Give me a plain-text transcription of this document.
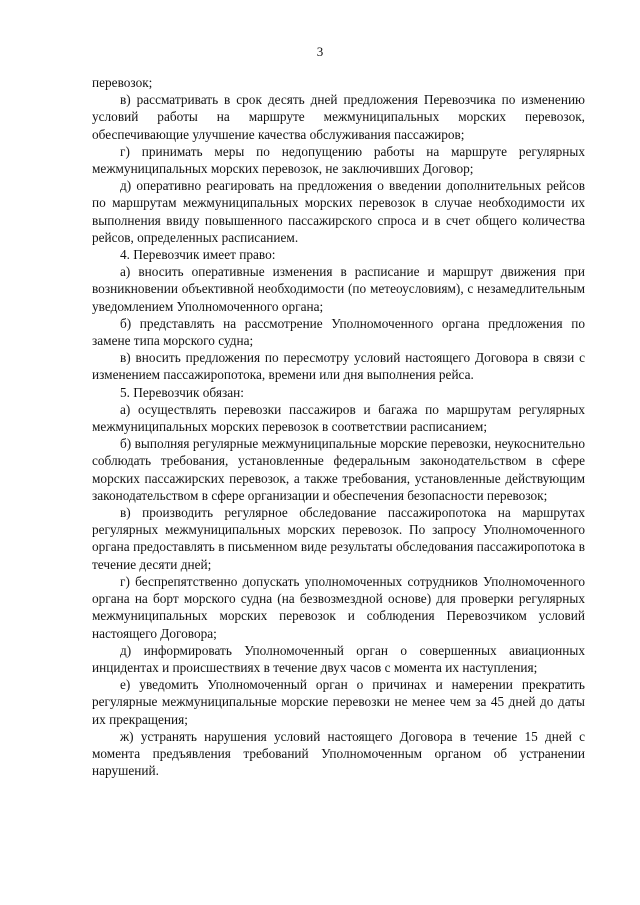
3

перевозок;

в) рассматривать в срок десять дней предложения Перевозчика по изменению условий работы на маршруте межмуниципальных морских перевозок, обеспечивающие улучшение качества обслуживания пассажиров;

г) принимать меры по недопущению работы на маршруте регулярных межмуниципальных морских перевозок, не заключивших Договор;

д) оперативно реагировать на предложения о введении дополнительных рейсов по маршрутам межмуниципальных морских перевозок в случае необходимости их выполнения ввиду повышенного пассажирского спроса и в счет общего количества рейсов, определенных расписанием.

4. Перевозчик имеет право:

а) вносить оперативные изменения в расписание и маршрут движения при возникновении объективной необходимости (по метеоусловиям), с незамедлительным уведомлением Уполномоченного органа;

б) представлять на рассмотрение Уполномоченного органа предложения по замене типа морского судна;

в) вносить предложения по пересмотру условий настоящего Договора в связи с изменением пассажиропотока, времени или дня выполнения рейса.

5. Перевозчик обязан:

а) осуществлять перевозки пассажиров и багажа по маршрутам регулярных межмуниципальных морских перевозок в соответствии расписанием;

б) выполняя регулярные межмуниципальные морские перевозки, неукоснительно соблюдать требования, установленные федеральным законодательством в сфере морских пассажирских перевозок, а также требования, установленные действующим законодательством в сфере организации и обеспечения безопасности перевозок;

в) производить регулярное обследование пассажиропотока на маршрутах регулярных межмуниципальных морских перевозок. По запросу Уполномоченного органа предоставлять в письменном виде результаты обследования пассажиропотока в течение десяти дней;

г) беспрепятственно допускать уполномоченных сотрудников Уполномоченного органа на борт морского судна (на безвозмездной основе) для проверки регулярных межмуниципальных морских перевозок и соблюдения Перевозчиком условий настоящего Договора;

д) информировать Уполномоченный орган о совершенных авиационных инцидентах и происшествиях в течение двух часов с момента их наступления;

е) уведомить Уполномоченный орган о причинах и намерении прекратить регулярные межмуниципальные морские перевозки не менее чем за 45 дней до даты их прекращения;

ж) устранять нарушения условий настоящего Договора в течение 15 дней с момента предъявления требований Уполномоченным органом об устранении нарушений.
